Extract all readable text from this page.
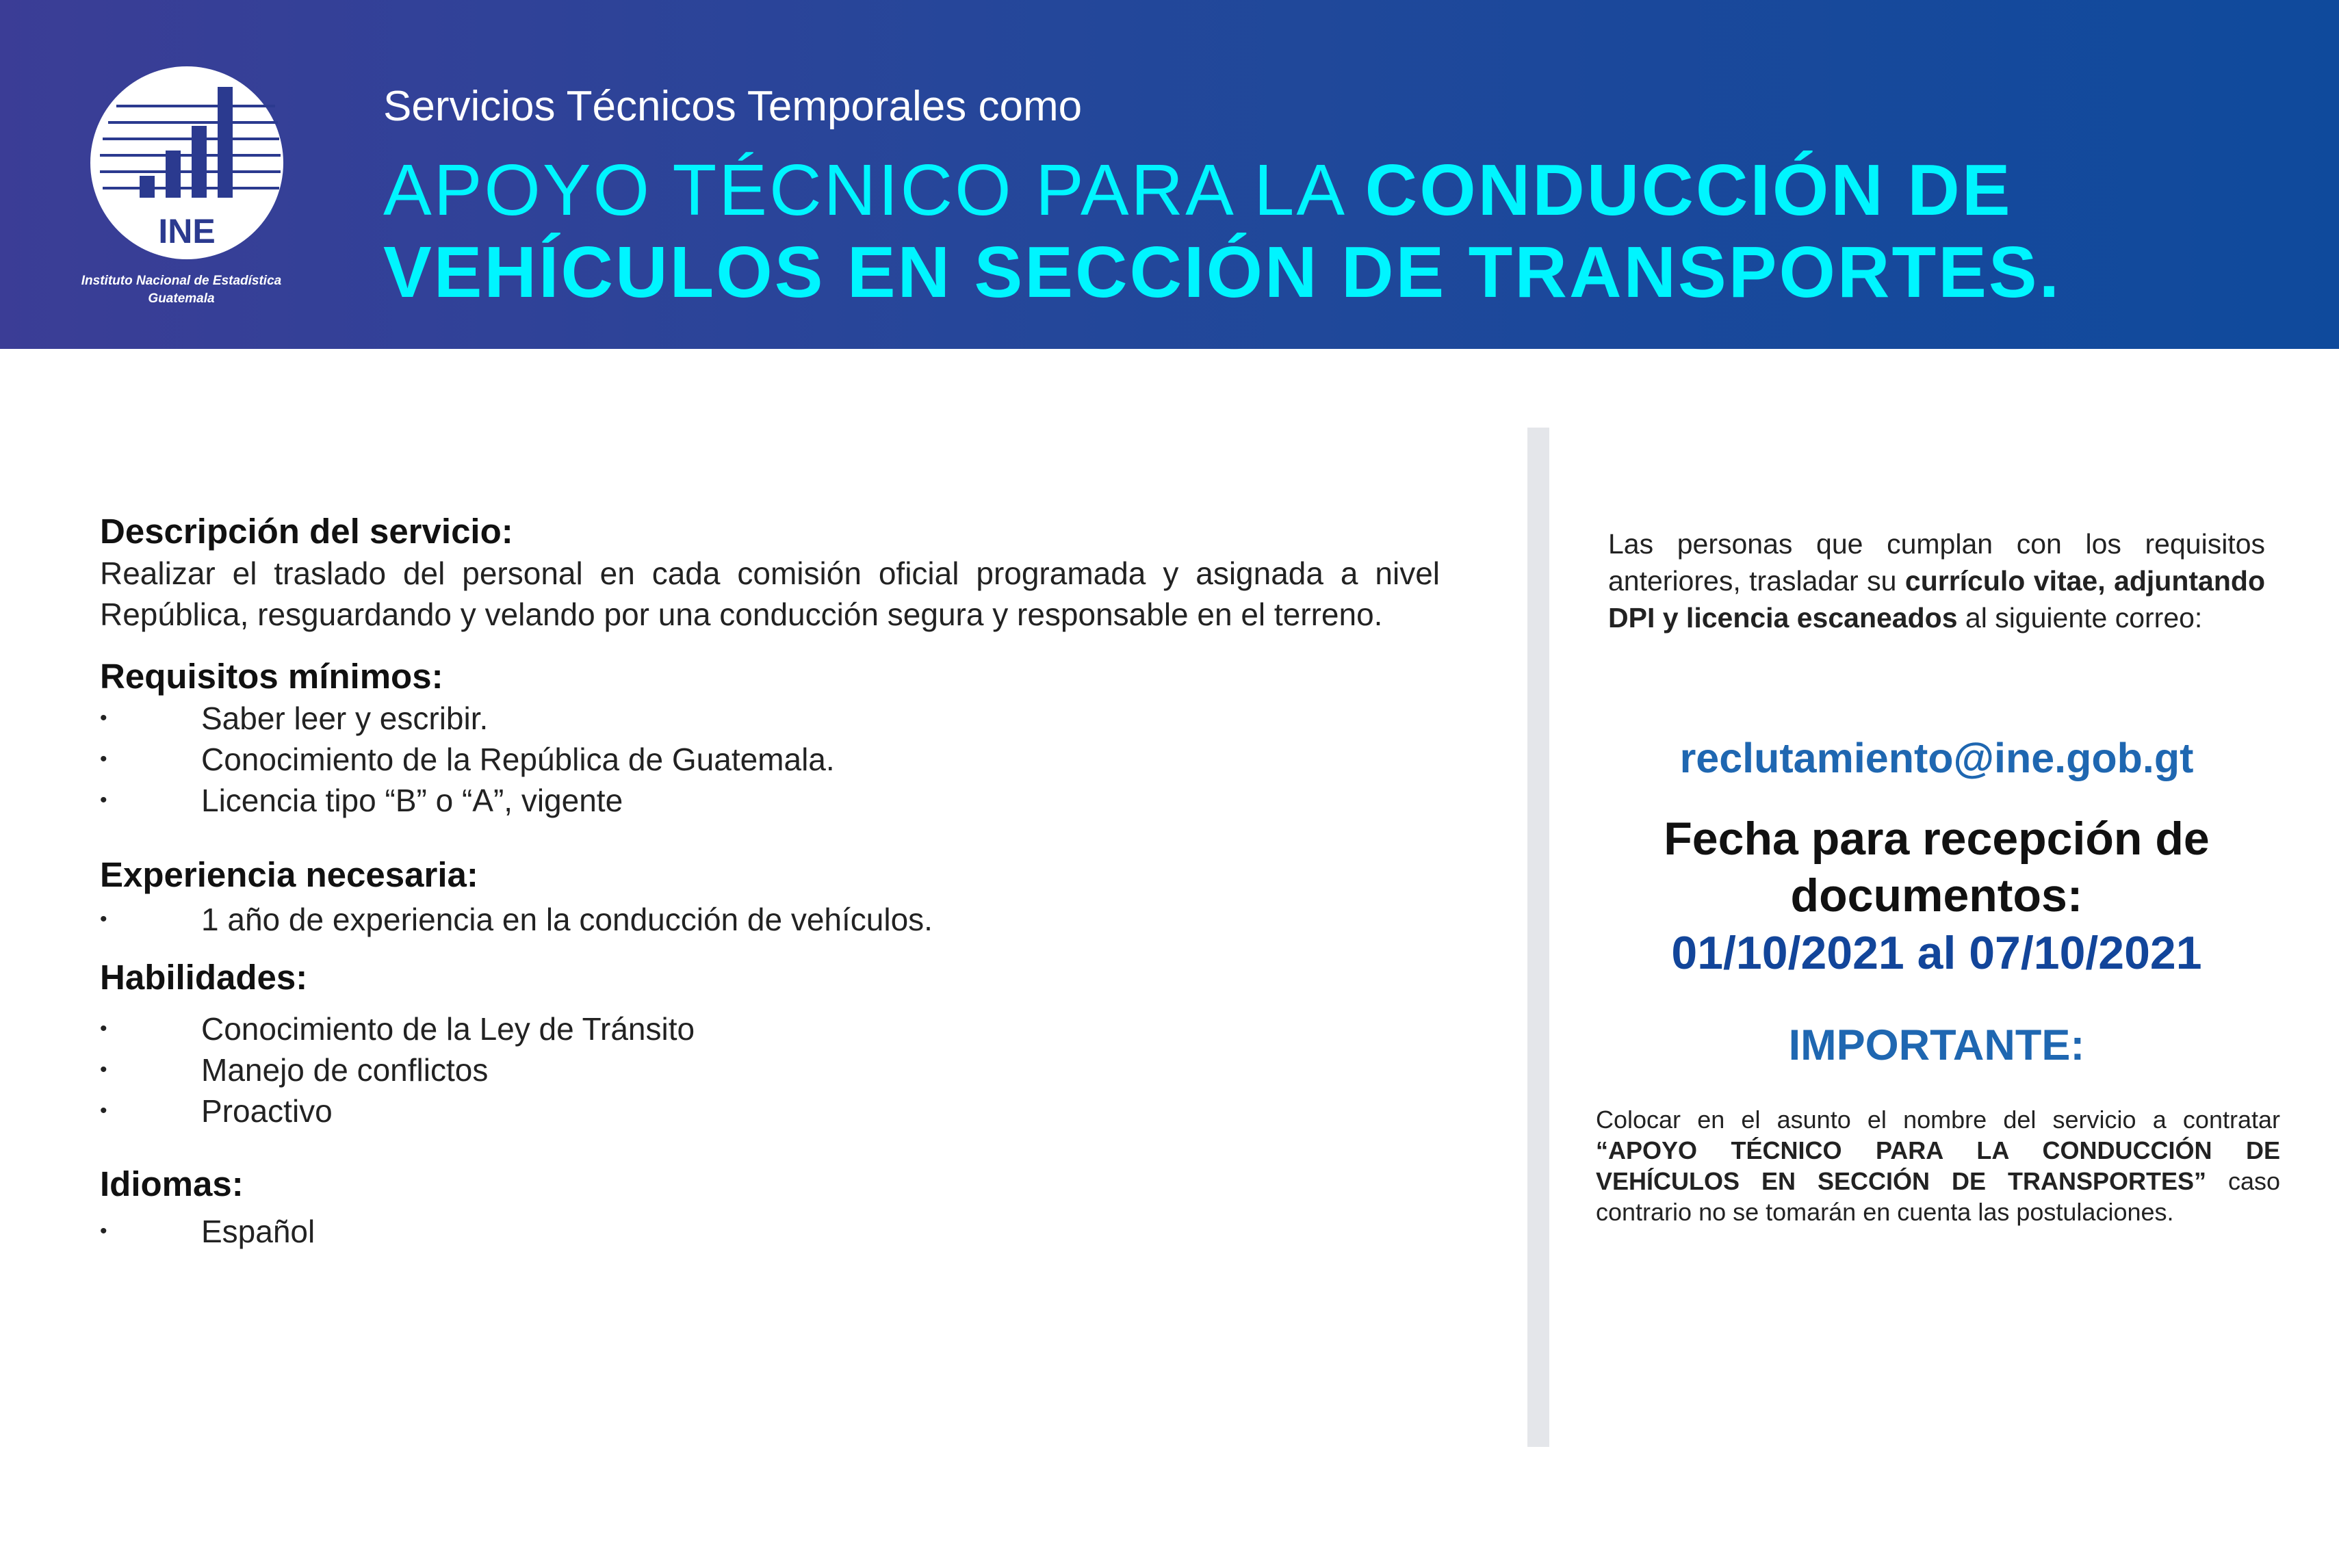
INE
Instituto Nacional de Estadística
Guatemala
Servicios Técnicos Temporales como
APOYO TÉCNICO PARA LA CONDUCCIÓN DE
VEHÍCULOS EN SECCIÓN DE TRANSPORTES.
Descripción del servicio:
Realizar el traslado del personal en cada comisión oficial programada y asignada a nivel República, resguardando y velando por una conducción segura y responsable en el terreno.
Requisitos mínimos:
• Saber leer y escribir.
• Conocimiento de la República de Guatemala.
• Licencia tipo “B” o “A”, vigente
Experiencia necesaria:
• 1 año de experiencia en la conducción de vehículos.
Habilidades:
• Conocimiento de la Ley de Tránsito
• Manejo de conflictos
• Proactivo
Idiomas:
• Español
Las personas que cumplan con los requisitos anteriores, trasladar su currículo vitae, adjuntando DPI y licencia escaneados al siguiente correo:
reclutamiento@ine.gob.gt
Fecha para recepción de documentos:
01/10/2021 al 07/10/2021
IMPORTANTE:
Colocar en el asunto el nombre del servicio a contratar “APOYO TÉCNICO PARA LA CONDUCCIÓN DE VEHÍCULOS EN SECCIÓN DE TRANSPORTES” caso contrario no se tomarán en cuenta las postulaciones.
